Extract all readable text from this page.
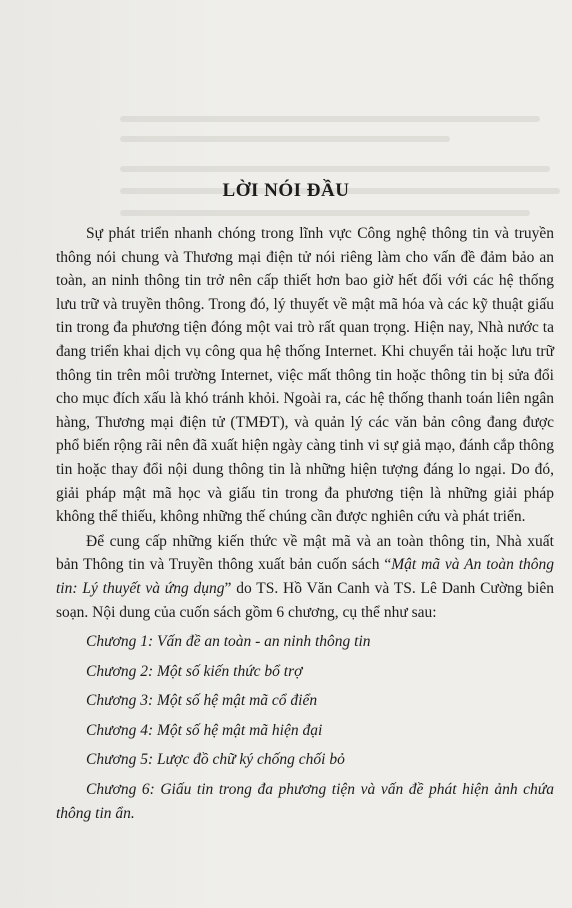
LỜI NÓI ĐẦU

Sự phát triển nhanh chóng trong lĩnh vực Công nghệ thông tin và truyền thông nói chung và Thương mại điện tử nói riêng làm cho vấn đề đảm bảo an toàn, an ninh thông tin trở nên cấp thiết hơn bao giờ hết đối với các hệ thống lưu trữ và truyền thông. Trong đó, lý thuyết về mật mã hóa và các kỹ thuật giấu tin trong đa phương tiện đóng một vai trò rất quan trọng. Hiện nay, Nhà nước ta đang triển khai dịch vụ công qua hệ thống Internet. Khi chuyển tải hoặc lưu trữ thông tin trên môi trường Internet, việc mất thông tin hoặc thông tin bị sửa đổi cho mục đích xấu là khó tránh khỏi. Ngoài ra, các hệ thống thanh toán liên ngân hàng, Thương mại điện tử (TMĐT), và quản lý các văn bản công đang được phổ biến rộng rãi nên đã xuất hiện ngày càng tinh vi sự giả mạo, đánh cắp thông tin hoặc thay đổi nội dung thông tin là những hiện tượng đáng lo ngại. Do đó, giải pháp mật mã học và giấu tin trong đa phương tiện là những giải pháp không thể thiếu, không những thế chúng cần được nghiên cứu và phát triển.

Để cung cấp những kiến thức về mật mã và an toàn thông tin, Nhà xuất bản Thông tin và Truyền thông xuất bản cuốn sách “Mật mã và An toàn thông tin: Lý thuyết và ứng dụng” do TS. Hồ Văn Canh và TS. Lê Danh Cường biên soạn. Nội dung của cuốn sách gồm 6 chương, cụ thể như sau:

Chương 1: Vấn đề an toàn - an ninh thông tin
Chương 2: Một số kiến thức bổ trợ
Chương 3: Một số hệ mật mã cổ điển
Chương 4: Một số hệ mật mã hiện đại
Chương 5: Lược đồ chữ ký chống chối bỏ
Chương 6: Giấu tin trong đa phương tiện và vấn đề phát hiện ảnh chứa thông tin ẩn.
